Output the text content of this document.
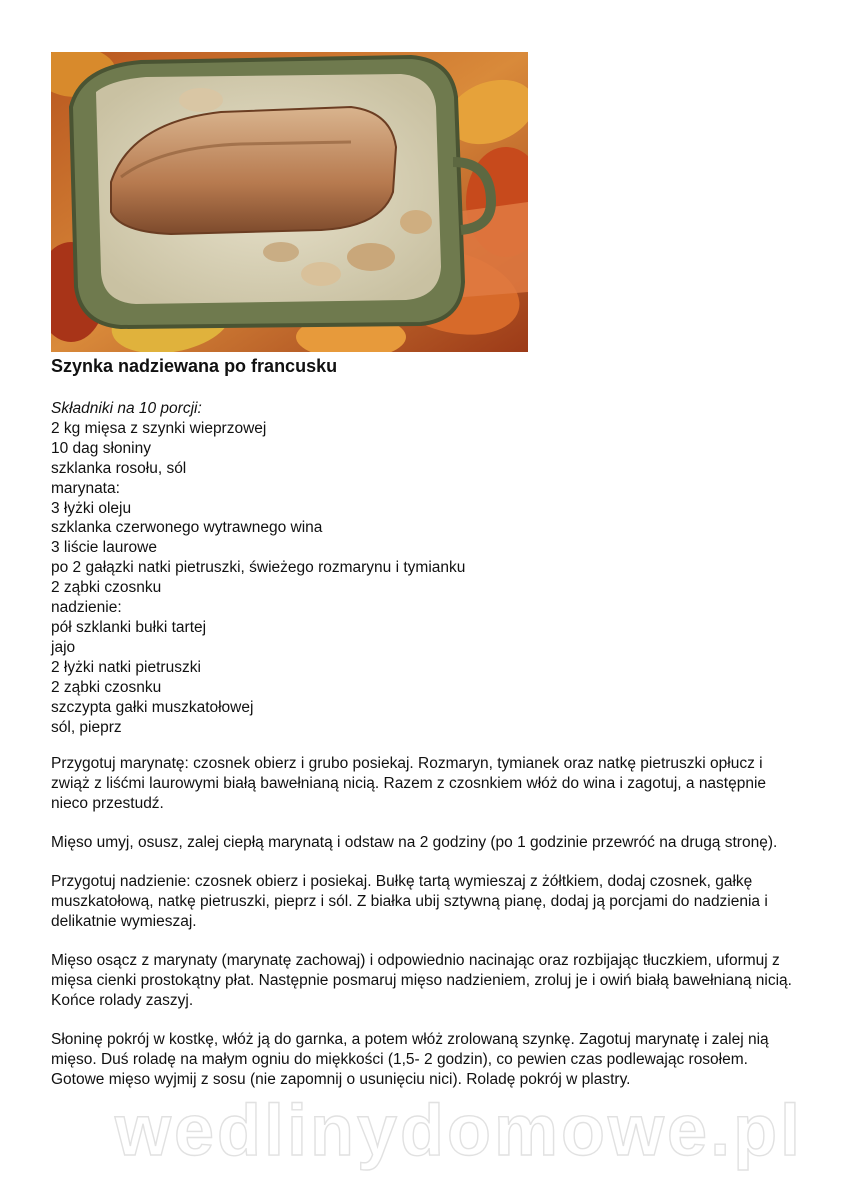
Szynka nadziewana po francusku
Składniki na 10 porcji:
2 kg mięsa z szynki wieprzowej
10 dag słoniny
szklanka rosołu, sól
marynata:
3 łyżki oleju
szklanka czerwonego wytrawnego wina
3 liście laurowe
po 2 gałązki natki pietruszki, świeżego rozmarynu i tymianku
2 ząbki czosnku
nadzienie:
pół szklanki bułki tartej
jajo
2 łyżki natki pietruszki
2 ząbki czosnku
szczypta gałki muszkatołowej
sól, pieprz

Przygotuj marynatę: czosnek obierz i grubo posiekaj. Rozmaryn, tymianek oraz natkę pietruszki opłucz i zwiąż z liśćmi laurowymi białą bawełnianą nicią. Razem z czosnkiem włóż do wina i zagotuj, a następnie nieco przestudź.

Mięso umyj, osusz, zalej ciepłą marynatą i odstaw na 2 godziny (po 1 godzinie przewróć na drugą stronę).

Przygotuj nadzienie: czosnek obierz i posiekaj. Bułkę tartą wymieszaj z żółtkiem, dodaj czosnek, gałkę muszkatołową, natkę pietruszki, pieprz i sól. Z białka ubij sztywną pianę, dodaj ją porcjami do nadzienia i delikatnie wymieszaj.

Mięso osącz z marynaty (marynatę zachowaj) i odpowiednio nacinając oraz rozbijając tłuczkiem, uformuj z mięsa cienki prostokątny płat. Następnie posmaruj mięso nadzieniem, zroluj je i owiń białą bawełnianą nicią. Końce rolady zaszyj.

Słoninę pokrój w kostkę, włóż ją do garnka, a potem włóż zrolowaną szynkę. Zagotuj marynatę i zalej nią mięso. Duś roladę na małym ogniu do miękkości (1,5- 2 godzin), co pewien czas podlewając rosołem. Gotowe mięso wyjmij z sosu (nie zapomnij o usunięciu nici). Roladę pokrój w plastry.

wedlinydomowe.pl
